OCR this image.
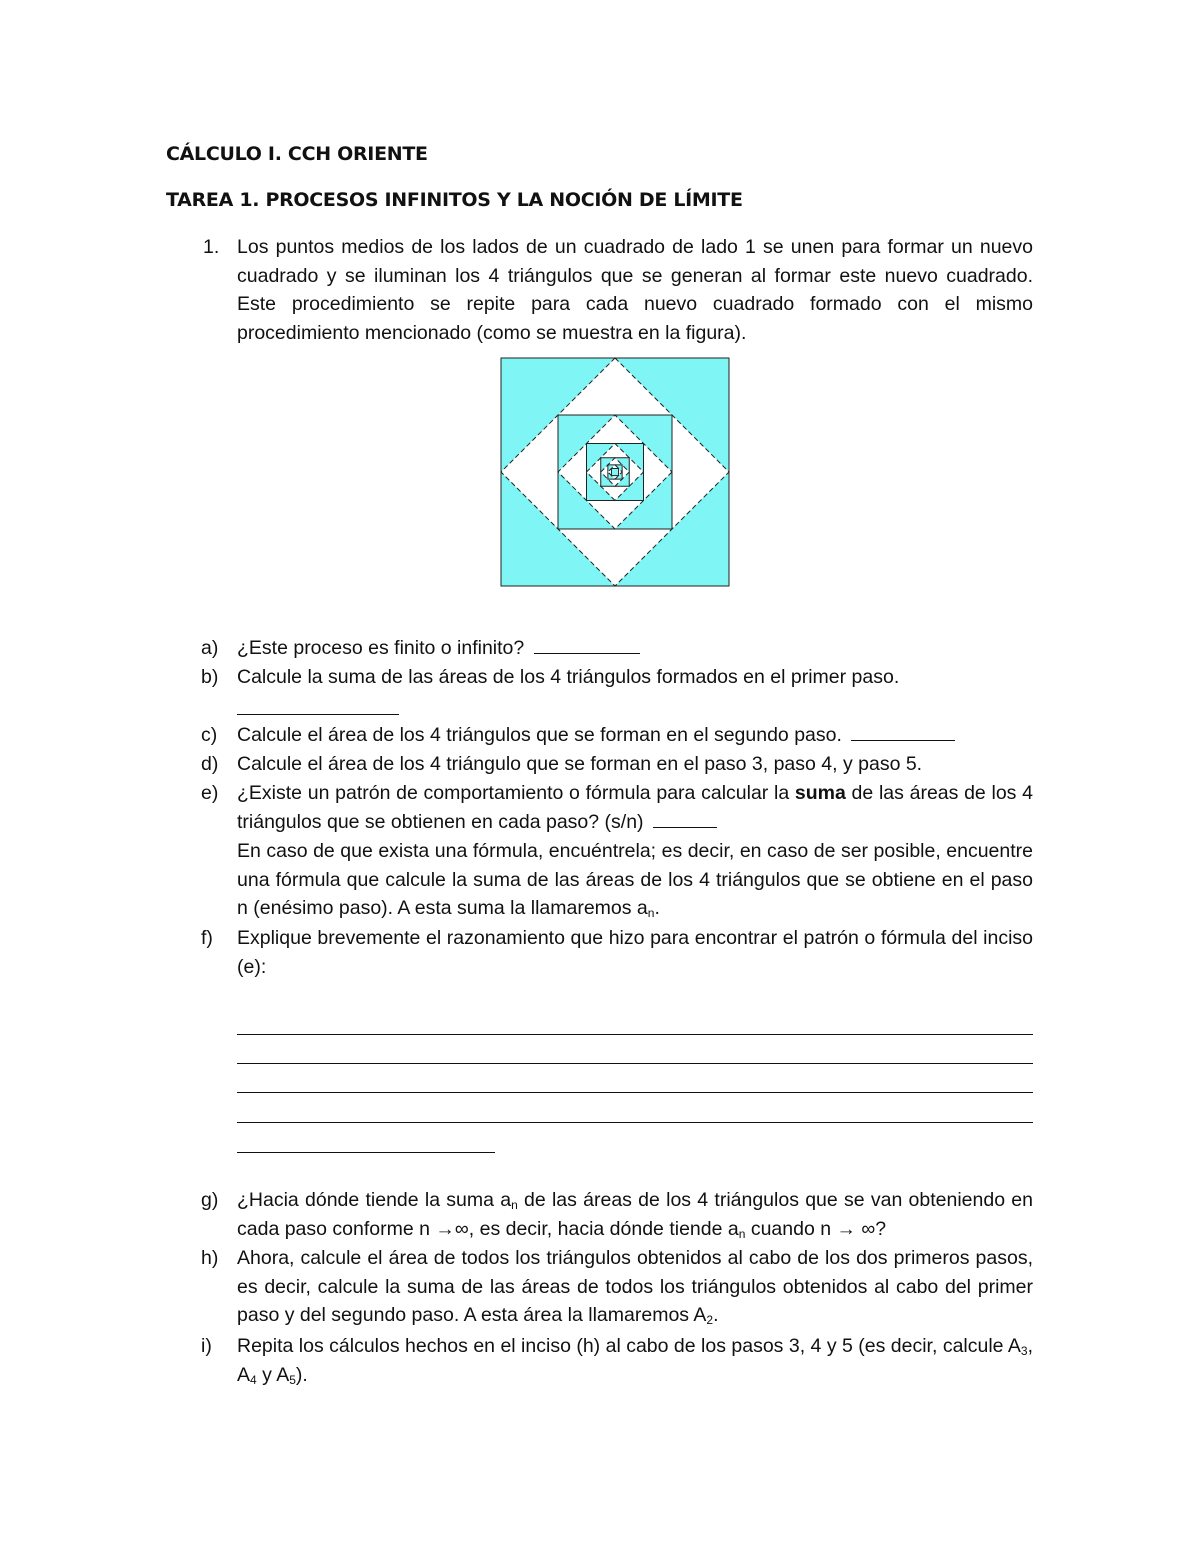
CÁLCULO I. CCH ORIENTE
TAREA 1. PROCESOS INFINITOS Y LA NOCIÓN DE LÍMITE
1. Los puntos medios de los lados de un cuadrado de lado 1 se unen para formar un nuevo cuadrado y se iluminan los 4 triángulos que se generan al formar este nuevo cuadrado. Este procedimiento se repite para cada nuevo cuadrado formado con el mismo procedimiento mencionado (como se muestra en la figura).
a) ¿Este proceso es finito o infinito?
b) Calcule la suma de las áreas de los 4 triángulos formados en el primer paso.
c) Calcule el área de los 4 triángulos que se forman en el segundo paso.
d) Calcule el área de los 4 triángulo que se forman en el paso 3, paso 4, y paso 5.
e) ¿Existe un patrón de comportamiento o fórmula para calcular la suma de las áreas de los 4 triángulos que se obtienen en cada paso? (s/n)
En caso de que exista una fórmula, encuéntrela; es decir, en caso de ser posible, encuentre una fórmula que calcule la suma de las áreas de los 4 triángulos que se obtiene en el paso n (enésimo paso). A esta suma la llamaremos $a_n$.
f) Explique brevemente el razonamiento que hizo para encontrar el patrón o fórmula del inciso (e):
g) ¿Hacia dónde tiende la suma $a_n$ de las áreas de los 4 triángulos que se van obteniendo en cada paso conforme n →∞, es decir, hacia dónde tiende $a_n$ cuando n → ∞?
h) Ahora, calcule el área de todos los triángulos obtenidos al cabo de los dos primeros pasos, es decir, calcule la suma de las áreas de todos los triángulos obtenidos al cabo del primer paso y del segundo paso. A esta área la llamaremos $A_2$.
i) Repita los cálculos hechos en el inciso (h) al cabo de los pasos 3, 4 y 5 (es decir, calcule $A_3$, $A_4$ y $A_5$).
